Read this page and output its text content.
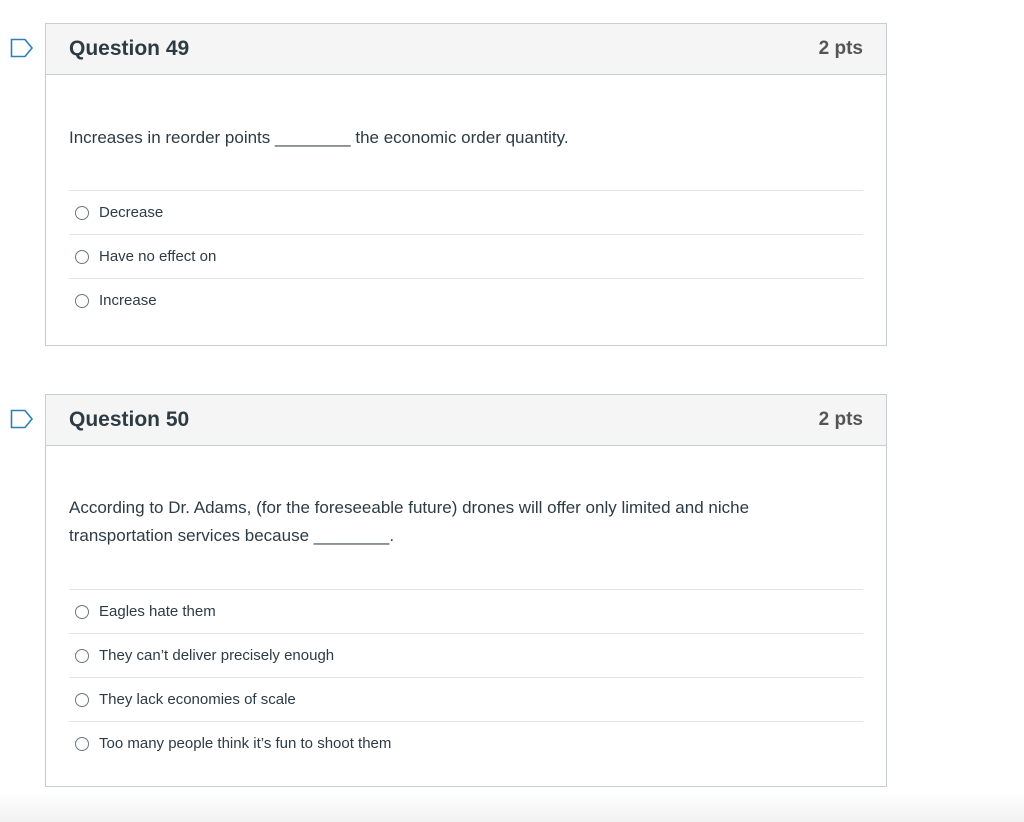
Question 49	2 pts
Increases in reorder points ________ the economic order quantity.
Decrease
Have no effect on
Increase
Question 50	2 pts
According to Dr. Adams, (for the foreseeable future) drones will offer only limited and niche transportation services because ________.
Eagles hate them
They can’t deliver precisely enough
They lack economies of scale
Too many people think it’s fun to shoot them
